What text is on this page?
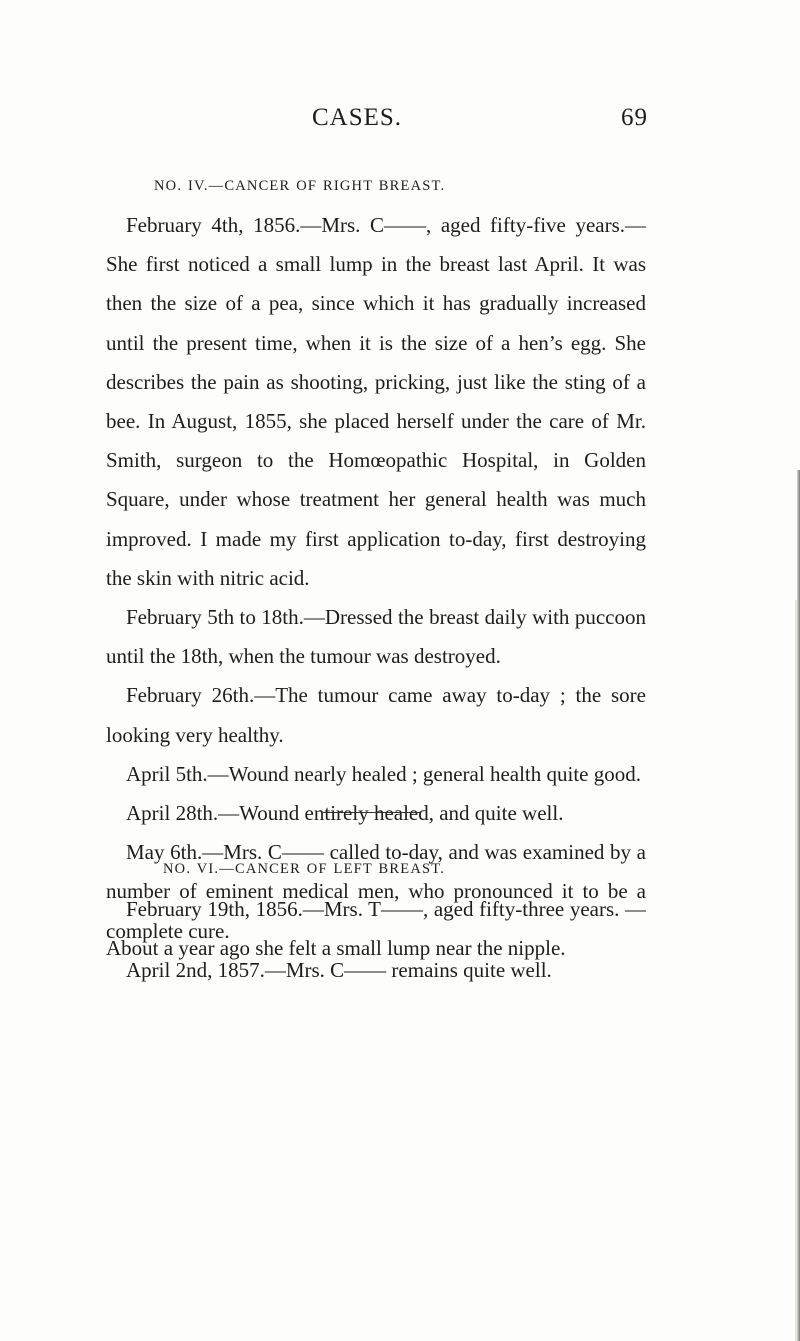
CASES.	69
NO. IV.—CANCER OF RIGHT BREAST.

February 4th, 1856.—Mrs. C——, aged fifty-five years.— She first noticed a small lump in the breast last April. It was then the size of a pea, since which it has gradually increased until the present time, when it is the size of a hen’s egg. She describes the pain as shooting, pricking, just like the sting of a bee. In August, 1855, she placed herself under the care of Mr. Smith, surgeon to the Homœopathic Hospital, in Golden Square, under whose treatment her general health was much improved. I made my first application to-day, first destroying the skin with nitric acid.

February 5th to 18th.—Dressed the breast daily with puccoon until the 18th, when the tumour was destroyed.

February 26th.—The tumour came away to-day ; the sore looking very healthy.

April 5th.—Wound nearly healed ; general health quite good.

April 28th.—Wound entirely healed, and quite well.

May 6th.—Mrs. C—— called to-day, and was examined by a number of eminent medical men, who pronounced it to be a complete cure.

April 2nd, 1857.—Mrs. C—— remains quite well.

NO. VI.—CANCER OF LEFT BREAST.

February 19th, 1856.—Mrs. T——, aged fifty-three years. —About a year ago she felt a small lump near the nipple.
